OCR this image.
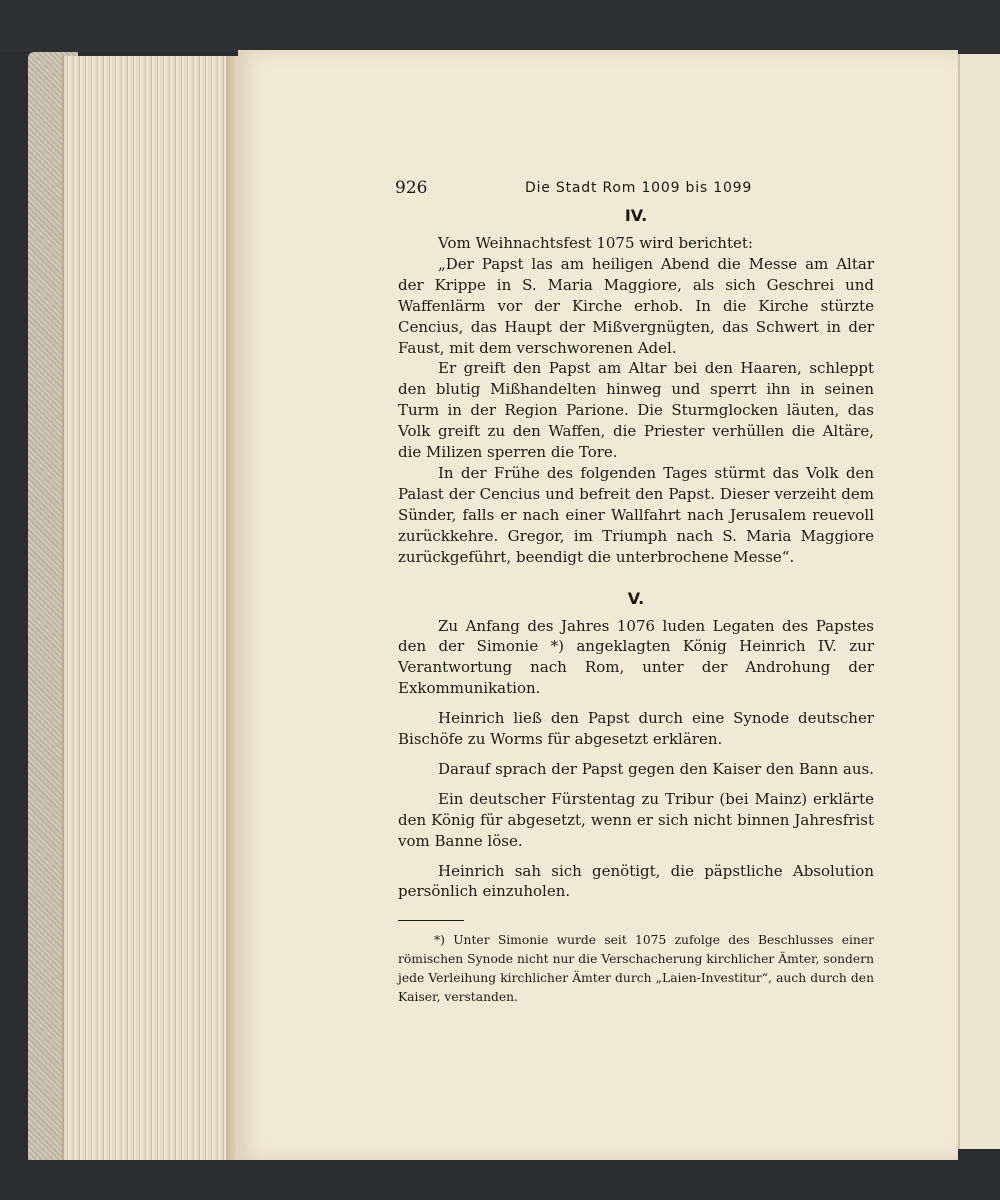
926	Die Stadt Rom 1009 bis 1099
IV.

Vom Weihnachtsfest 1075 wird berichtet:

„Der Papst las am heiligen Abend die Messe am Altar der Krippe in S. Maria Maggiore, als sich Geschrei und Waffenlärm vor der Kirche erhob. In die Kirche stürzte Cencius, das Haupt der Mißvergnügten, das Schwert in der Faust, mit dem verschworenen Adel.

Er greift den Papst am Altar bei den Haaren, schleppt den blutig Mißhandelten hinweg und sperrt ihn in seinen Turm in der Region Parione. Die Sturmglocken läuten, das Volk greift zu den Waffen, die Priester verhüllen die Altäre, die Milizen sperren die Tore.

In der Frühe des folgenden Tages stürmt das Volk den Palast der Cencius und befreit den Papst. Dieser verzeiht dem Sünder, falls er nach einer Wallfahrt nach Jerusalem reuevoll zurückkehre. Gregor, im Triumph nach S. Maria Maggiore zurückgeführt, beendigt die unterbrochene Messe“.

V.

Zu Anfang des Jahres 1076 luden Legaten des Papstes den der Simonie *) angeklagten König Heinrich IV. zur Verantwortung nach Rom, unter der Androhung der Exkommunikation.

Heinrich ließ den Papst durch eine Synode deutscher Bischöfe zu Worms für abgesetzt erklären.

Darauf sprach der Papst gegen den Kaiser den Bann aus.

Ein deutscher Fürstentag zu Tribur (bei Mainz) erklärte den König für abgesetzt, wenn er sich nicht binnen Jahresfrist vom Banne löse.

Heinrich sah sich genötigt, die päpstliche Absolution persönlich einzuholen.

*) Unter Simonie wurde seit 1075 zufolge des Beschlusses einer römischen Synode nicht nur die Verschacherung kirchlicher Ämter, sondern jede Verleihung kirchlicher Ämter durch „Laien-Investitur“, auch durch den Kaiser, verstanden.
